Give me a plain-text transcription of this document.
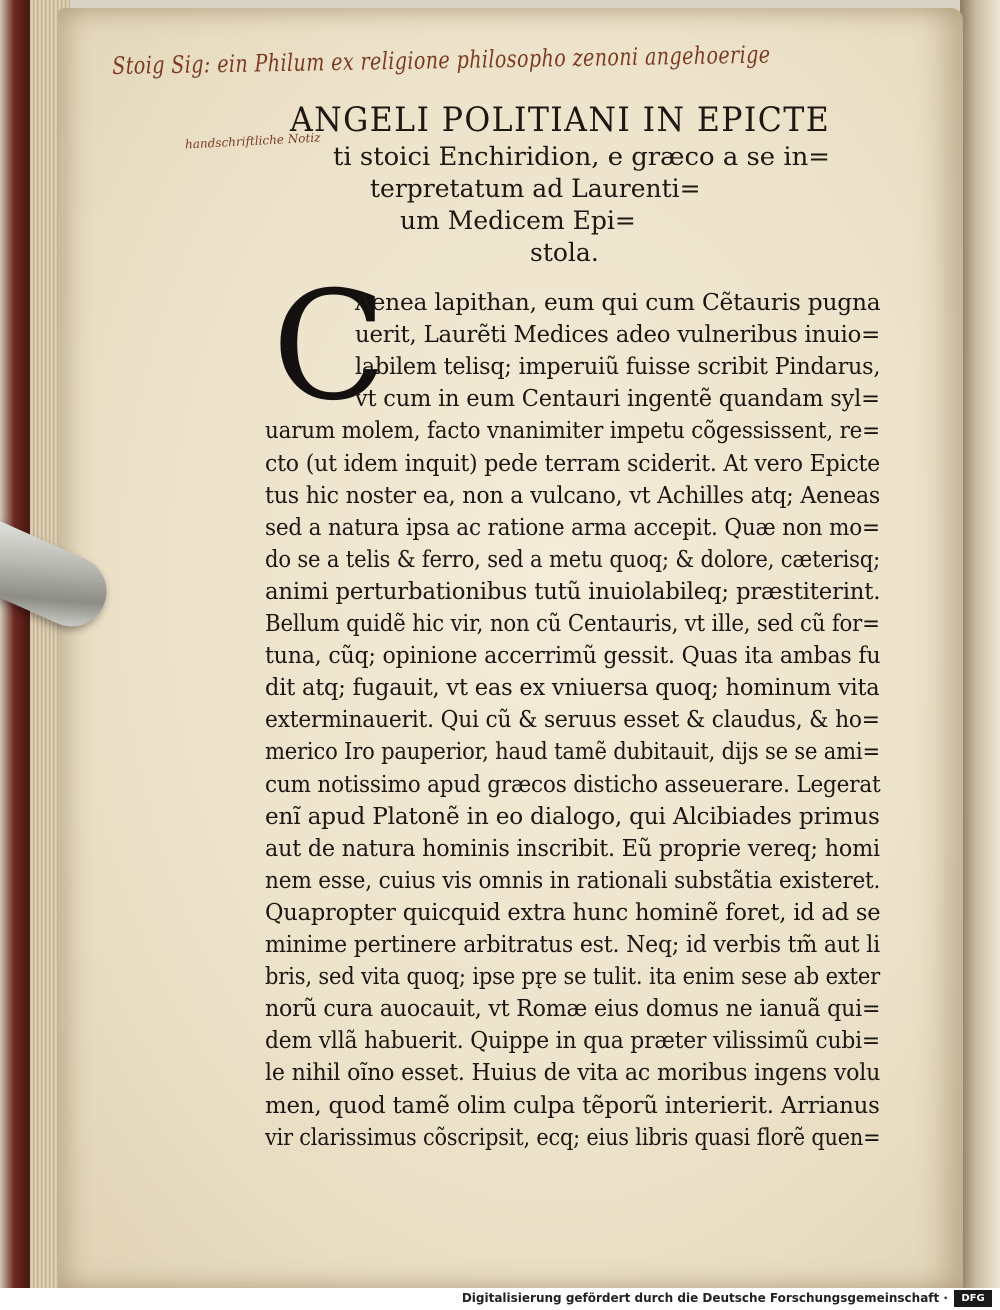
Stoig Sig: ein Philum ex religione philosopho zenoni angehoerige
handschriftliche Notiz
ANGELI POLITIANI IN EPICTE
ti stoici Enchiridion, e græco a se in=
terpretatum ad Laurenti=
um Medicem Epi=
stola.
C
Aenea lapithan, eum qui cum Cẽtauris pugna
uerit, Laurẽti Medices adeo vulneribus inuio=
labilem telisq; imperuiũ fuisse scribit Pindarus,
vt cum in eum Centauri ingentẽ quandam syl=
uarum molem, facto vnanimiter impetu cõgessissent, re=
cto (ut idem inquit) pede terram sciderit. At vero Epicte
tus hic noster ea, non a vulcano, vt Achilles atq; Aeneas
sed a natura ipsa ac ratione arma accepit. Quæ non mo=
do se a telis & ferro, sed a metu quoq; & dolore, cæterisq;
animi perturbationibus tutũ inuiolabileq; præstiterint.
Bellum quidẽ hic vir, non cũ Centauris, vt ille, sed cũ for=
tuna, cũq; opinione accerrimũ gessit. Quas ita ambas fu
dit atq; fugauit, vt eas ex vniuersa quoq; hominum vita
exterminauerit. Qui cũ & seruus esset & claudus, & ho=
merico Iro pauperior, haud tamẽ dubitauit, dijs se se ami=
cum notissimo apud græcos disticho asseuerare. Legerat
enĩ apud Platonẽ in eo dialogo, qui Alcibiades primus
aut de natura hominis inscribit. Eũ proprie vereq; homi
nem esse, cuius vis omnis in rationali substãtia existeret.
Quapropter quicquid extra hunc hominẽ foret, id ad se
minime pertinere arbitratus est. Neq; id verbis tm̃ aut li
bris, sed vita quoq; ipse pr̨e se tulit. ita enim sese ab exter
norũ cura auocauit, vt Romæ eius domus ne ianuã qui=
dem vllã habuerit. Quippe in qua præter vilissimũ cubi=
le nihil oĩno esset. Huius de vita ac moribus ingens volu
men, quod tamẽ olim culpa tẽporũ interierit. Arrianus
vir clarissimus cõscripsit, ecq; eius libris quasi florẽ quen=
Digitalisierung gefördert durch die Deutsche Forschungsgemeinschaft ·	DFG
